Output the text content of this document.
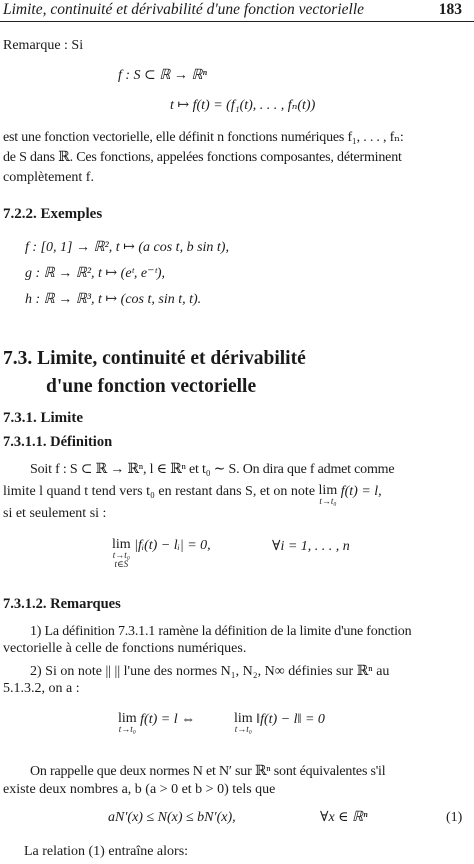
Limite, continuité et dérivabilité d'une fonction vectorielle	183
Remarque : Si
f : S ⊂ ℝ → ℝⁿ
t ↦ f(t) = (f₁(t), . . . , fₙ(t))
est une fonction vectorielle, elle définit n fonctions numériques f₁, . . . , fₙ:
de S dans ℝ. Ces fonctions, appelées fonctions composantes, déterminent
complètement f.
7.2.2. Exemples
f : [0, 1] → ℝ², t ↦ (a cos t, b sin t),
g : ℝ → ℝ², t ↦ (eᵗ, e⁻ᵗ),
h : ℝ → ℝ³, t ↦ (cos t, sin t, t).
7.3. Limite, continuité et dérivabilité
d'une fonction vectorielle
7.3.1. Limite
7.3.1.1. Définition
Soit f : S ⊂ ℝ → ℝⁿ, l ∈ ℝⁿ et t₀ ∼ S. On dira que f admet comme
limite l quand t tend vers t₀ en restant dans S, et on note lim
t→t₀
f(t) = l,
si et seulement si :
lim
t→t₀
t∈S
|fᵢ(t) − lᵢ| = 0,	∀i = 1, . . . , n
7.3.1.2. Remarques
1) La définition 7.3.1.1 ramène la définition de la limite d'une fonction
vectorielle à celle de fonctions numériques.
2) Si on note || || l'une des normes N₁, N₂, N∞ définies sur ℝⁿ au
5.1.3.2, on a :
lim
t→t₀
f(t) = l ⇔	lim
t→t₀
‖f(t) − l‖ = 0
On rappelle que deux normes N et N′ sur ℝⁿ sont équivalentes s'il
existe deux nombres a, b (a > 0 et b > 0) tels que
aN′(x) ≤ N(x) ≤ bN′(x),	∀x ∈ ℝⁿ	(1)
La relation (1) entraîne alors:
